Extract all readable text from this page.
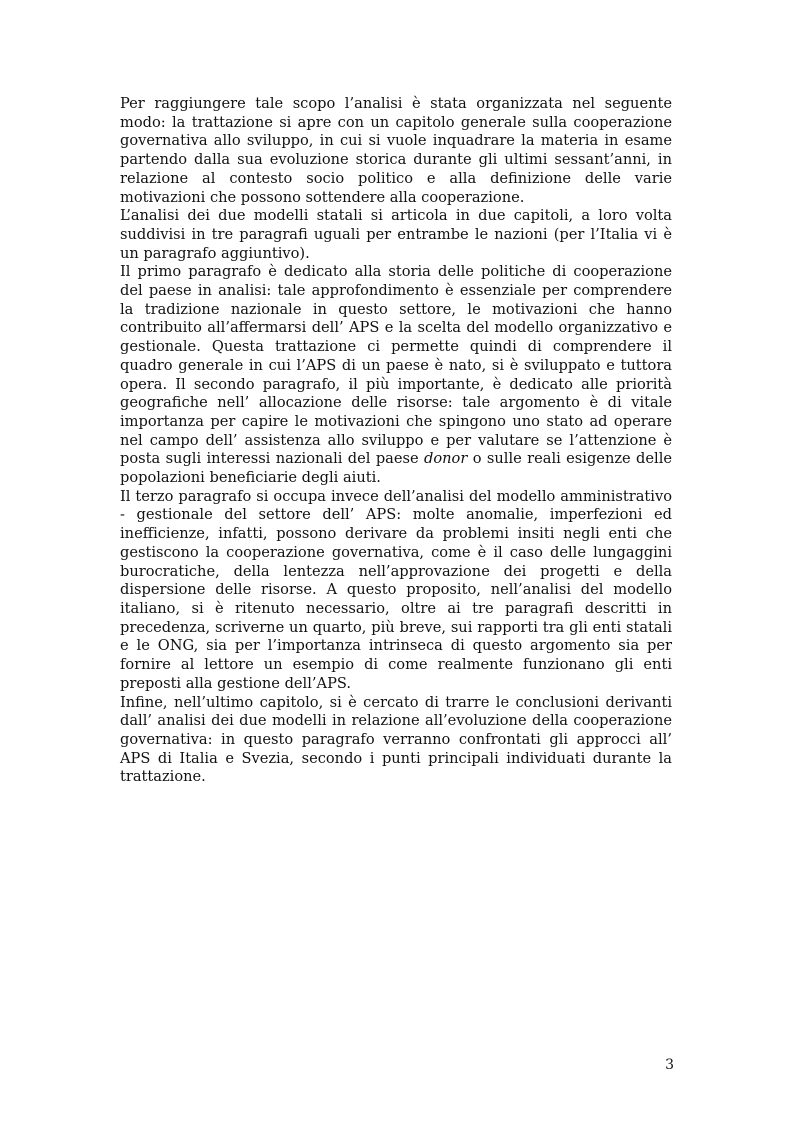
Per raggiungere tale scopo l’analisi è stata organizzata nel seguente modo: la trattazione si apre con un capitolo generale sulla cooperazione governativa allo sviluppo, in cui si vuole inquadrare la materia in esame partendo dalla sua evoluzione storica durante gli ultimi sessant’anni, in relazione al contesto socio politico e alla definizione delle varie motivazioni che possono sottendere alla cooperazione.

L’analisi dei due modelli statali si articola in due capitoli, a loro volta suddivisi in tre paragrafi uguali per entrambe le nazioni (per l’Italia vi è un paragrafo aggiuntivo).

Il primo paragrafo è dedicato alla storia delle politiche di cooperazione del paese in analisi: tale approfondimento è essenziale per comprendere la tradizione nazionale in questo settore, le motivazioni che hanno contribuito all’affermarsi dell’ APS e la scelta del modello organizzativo e gestionale. Questa trattazione ci permette quindi di comprendere il quadro generale in cui l’APS di un paese è nato, si è sviluppato e tuttora opera. Il secondo paragrafo, il più importante, è dedicato alle priorità geografiche nell’ allocazione delle risorse: tale argomento è di vitale importanza per capire le motivazioni che spingono uno stato ad operare nel campo dell’ assistenza allo sviluppo e per valutare se l’attenzione è posta sugli interessi nazionali del paese donor o sulle reali esigenze delle popolazioni beneficiarie degli aiuti.

Il terzo paragrafo si occupa invece dell’analisi del modello amministrativo - gestionale del settore dell’ APS: molte anomalie, imperfezioni ed inefficienze, infatti, possono derivare da problemi insiti negli enti che gestiscono la cooperazione governativa, come è il caso delle lungaggini burocratiche, della lentezza nell’approvazione dei progetti e della dispersione delle risorse. A questo proposito, nell’analisi del modello italiano, si è ritenuto necessario, oltre ai tre paragrafi descritti in precedenza, scriverne un quarto, più breve, sui rapporti tra gli enti statali e le ONG, sia per l’importanza intrinseca di questo argomento sia per fornire al lettore un esempio di come realmente funzionano gli enti preposti alla gestione dell’APS.

Infine, nell’ultimo capitolo, si è cercato di trarre le conclusioni derivanti dall’ analisi dei due modelli in relazione all’evoluzione della cooperazione governativa: in questo paragrafo verranno confrontati gli approcci all’ APS di Italia e Svezia, secondo i punti principali individuati durante la trattazione.

3
